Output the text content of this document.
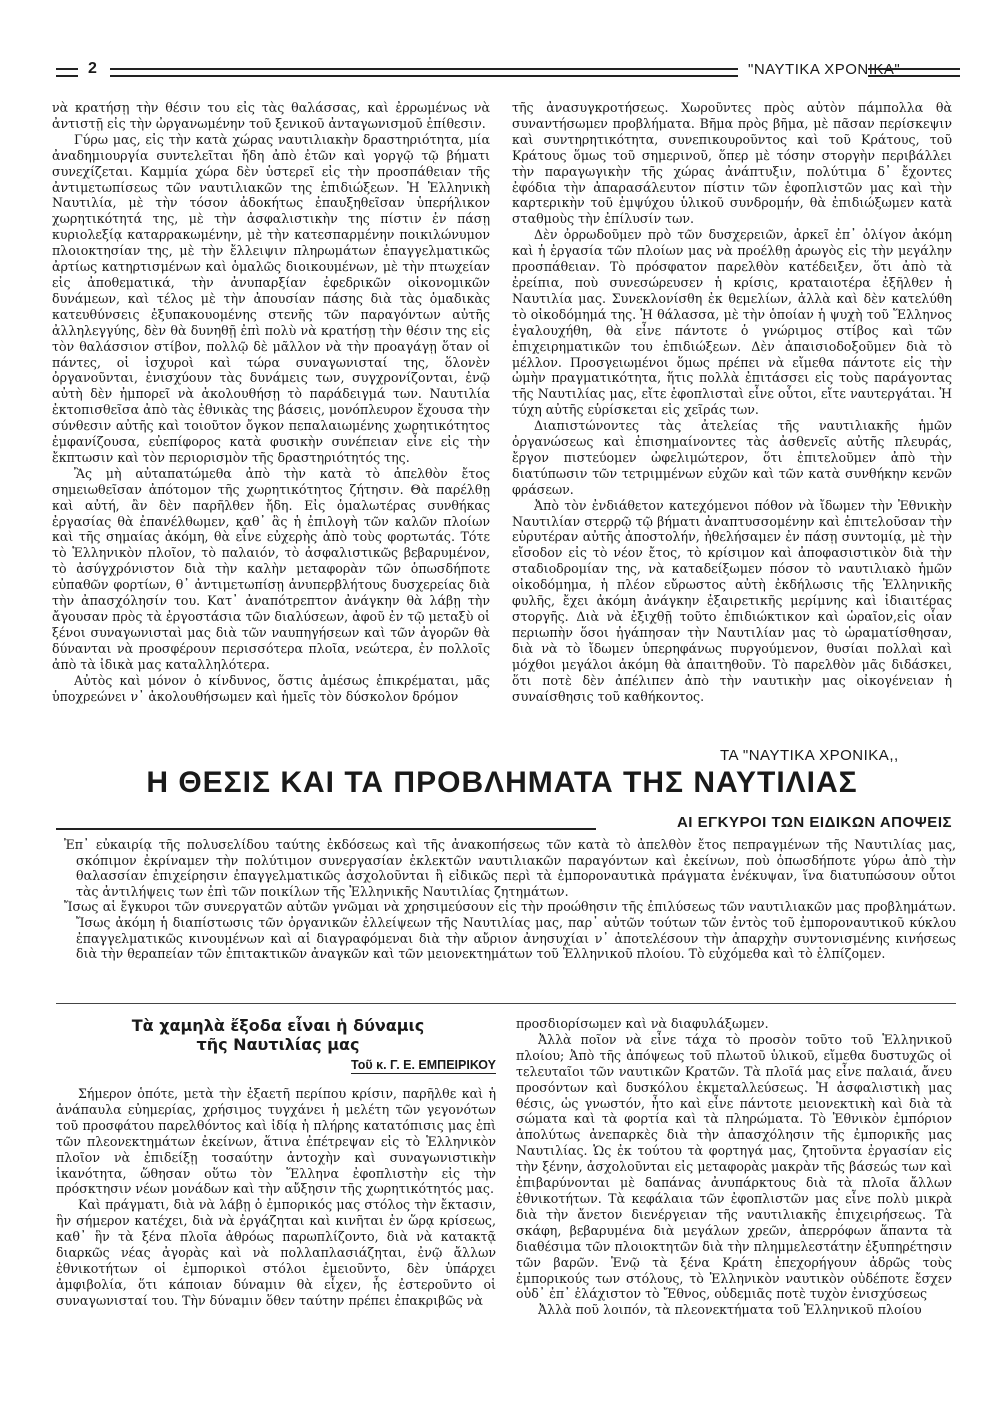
2	"ΝΑΥΤΙΚΑ ΧΡΟΝΙΚΑ"

νὰ κρατήσῃ τὴν θέσιν του εἰς τὰς θαλάσσας, καὶ ἐρρωμένως νὰ ἀντιστῇ εἰς τὴν ὠργανωμένην τοῦ ξενικοῦ ἀνταγωνισμοῦ ἐπίθεσιν.

Γύρω μας, εἰς τὴν κατὰ χώρας ναυτιλιακὴν δραστηριότητα, μία ἀναδημιουργία συντελεῖται ἤδη ἀπὸ ἐτῶν καὶ γοργῷ τῷ βήματι συνεχίζεται. Καμμία χώρα δὲν ὑστερεῖ εἰς τὴν προσπάθειαν τῆς ἀντιμετωπίσεως τῶν ναυτιλιακῶν της ἐπιδιώξεων. Ἡ Ἑλληνικὴ Ναυτιλία, μὲ τὴν τόσον ἀδοκήτως ἐπαυξηθεῖσαν ὑπερήλικον χωρητικότητά της, μὲ τὴν ἀσφαλιστικὴν της πίστιν ἐν πάσῃ κυριολεξίᾳ καταρρακωμένην, μὲ τὴν κατεσπαρμένην ποικιλώνυμον πλοιοκτησίαν της, μὲ τὴν ἔλλειψιν πληρωμάτων ἐπαγγελματικῶς ἀρτίως κατηρτισμένων καὶ ὁμαλῶς διοικουμένων, μὲ τὴν πτωχείαν εἰς ἀποθεματικά, τὴν ἀνυπαρξίαν ἐφεδρικῶν οἰκονομικῶν δυνάμεων, καὶ τέλος μὲ τὴν ἀπουσίαν πάσης διὰ τὰς ὁμαδικὰς κατευθύνσεις ἐξυπακουομένης στενῆς τῶν παραγόντων αὐτῆς ἀλληλεγγύης, δὲν θὰ δυνηθῇ ἐπὶ πολὺ νὰ κρατήσῃ τὴν θέσιν της εἰς τὸν θαλάσσιον στίβον, πολλῷ δὲ μᾶλλον νὰ τὴν προαγάγῃ ὅταν οἱ πάντες, οἱ ἰσχυροὶ καὶ τώρα συναγωνισταί της, ὅλονὲν ὀργανοῦνται, ἐνισχύουν τὰς δυνάμεις των, συγχρονίζονται, ἐνῷ αὐτὴ δὲν ἠμπορεῖ νὰ ἀκολουθήσῃ τὸ παράδειγμά των. Ναυτιλία ἐκτοπισθεῖσα ἀπὸ τὰς ἐθνικὰς της βάσεις, μονόπλευρον ἔχουσα τὴν σύνθεσιν αὐτῆς καὶ τοιοῦτον ὄγκον πεπαλαιωμένης χωρητικότητος ἐμφανίζουσα, εὐεπίφορος κατὰ φυσικὴν συνέπειαν εἶνε εἰς τὴν ἔκπτωσιν καὶ τὸν περιορισμὸν τῆς δραστηριότητός της.

Ἂς μὴ αὐταπατώμεθα ἀπὸ τὴν κατὰ τὸ ἀπελθὸν ἔτος σημειωθεῖσαν ἀπότομον τῆς χωρητικότητος ζήτησιν. Θὰ παρέλθῃ καὶ αὐτή, ἂν δὲν παρῆλθεν ἤδη. Εἰς ὁμαλωτέρας συνθήκας ἐργασίας θὰ ἐπανέλθωμεν, καθ᾽ ἃς ἡ ἐπιλογὴ τῶν καλῶν πλοίων καὶ τῆς σημαίας ἀκόμη, θὰ εἶνε εὐχερὴς ἀπὸ τοὺς φορτωτάς. Τότε τὸ Ἑλληνικὸν πλοῖον, τὸ παλαιόν, τὸ ἀσφαλιστικῶς βεβαρυμένον, τὸ ἀσύγχρόνιστον διὰ τὴν καλὴν μεταφορὰν τῶν ὁπωσδήποτε εὐπαθῶν φορτίων, θ᾽ ἀντιμετωπίσῃ ἀνυπερβλήτους δυσχερείας διὰ τὴν ἀπασχόλησίν του. Κατ᾽ ἀναπότρεπτον ἀνάγκην θὰ λάβῃ τὴν ἄγουσαν πρὸς τὰ ἐργοστάσια τῶν διαλύσεων, ἀφοῦ ἐν τῷ μεταξὺ οἱ ξένοι συναγωνισταὶ μας διὰ τῶν ναυπηγήσεων καὶ τῶν ἀγορῶν θὰ δύνανται νὰ προσφέρουν περισσότερα πλοῖα, νεώτερα, ἐν πολλοῖς ἀπὸ τὰ ἰδικὰ μας καταλληλότερα.

Αὐτὸς καὶ μόνον ὁ κίνδυνος, ὅστις ἀμέσως ἐπικρέμαται, μᾶς ὑποχρεώνει ν᾽ ἀκολουθήσωμεν καὶ ἡμεῖς τὸν δύσκολον δρόμον

τῆς ἀνασυγκροτήσεως. Χωροῦντες πρὸς αὐτὸν πάμπολλα θὰ συναντήσωμεν προβλήματα. Βῆμα πρὸς βῆμα, μὲ πᾶσαν περίσκεψιν καὶ συντηρητικότητα, συνεπικουροῦντος καὶ τοῦ Κράτους, τοῦ Κράτους ὅμως τοῦ σημερινοῦ, ὅπερ μὲ τόσην στοργὴν περιβάλλει τὴν παραγωγικὴν τῆς χώρας ἀνάπτυξιν, πολύτιμα δ᾽ ἔχοντες ἐφόδια τὴν ἀπαρασάλευτον πίστιν τῶν ἐφοπλιστῶν μας καὶ τὴν καρτερικὴν τοῦ ἐμψύχου ὑλικοῦ συνδρομήν, θὰ ἐπιδιώξωμεν κατὰ σταθμοὺς τὴν ἐπίλυσίν των.

Δὲν ὀρρωδοῦμεν πρὸ τῶν δυσχερειῶν, ἀρκεῖ ἐπ᾽ ὀλίγον ἀκόμη καὶ ἡ ἐργασία τῶν πλοίων μας νὰ προέλθῃ ἀρωγὸς εἰς τὴν μεγάλην προσπάθειαν. Τὸ πρόσφατον παρελθὸν κατέδειξεν, ὅτι ἀπὸ τὰ ἐρείπια, ποὺ συνεσώρευσεν ἡ κρίσις, κραταιοτέρα ἐξῆλθεν ἡ Ναυτιλία μας. Συνεκλονίσθη ἐκ θεμελίων, ἀλλὰ καὶ δὲν κατελύθη τὸ οἰκοδόμημά της. Ἡ θάλασσα, μὲ τὴν ὁποίαν ἡ ψυχὴ τοῦ Ἕλληνος ἐγαλουχήθη, θὰ εἶνε πάντοτε ὁ γνώριμος στίβος καὶ τῶν ἐπιχειρηματικῶν του ἐπιδιώξεων. Δὲν ἀπαισιοδοξοῦμεν διὰ τὸ μέλλον. Προσγειωμένοι ὅμως πρέπει νὰ εἴμεθα πάντοτε εἰς τὴν ὠμὴν πραγματικότητα, ἥτις πολλὰ ἐπιτάσσει εἰς τοὺς παράγοντας τῆς Ναυτιλίας μας, εἴτε ἐφοπλισταὶ εἶνε οὗτοι, εἴτε ναυτεργάται. Ἡ τύχη αὐτῆς εὑρίσκεται εἰς χεῖράς των.

Διαπιστώνοντες τὰς ἀτελείας τῆς ναυτιλιακῆς ἡμῶν ὀργανώσεως καὶ ἐπισημαίνοντες τὰς ἀσθενεῖς αὐτῆς πλευράς, ἔργον πιστεύομεν ὠφελιμώτερον, ὅτι ἐπιτελοῦμεν ἀπὸ τὴν διατύπωσιν τῶν τετριμμένων εὐχῶν καὶ τῶν κατὰ συνθήκην κενῶν φράσεων.

Ἀπὸ τὸν ἐνδιάθετον κατεχόμενοι πόθον νὰ ἴδωμεν τὴν Ἐθνικὴν Ναυτιλίαν στερρῷ τῷ βήματι ἀναπτυσσομένην καὶ ἐπιτελοῦσαν τὴν εὐρυτέραν αὐτῆς ἀποστολήν, ἠθελήσαμεν ἐν πάσῃ συντομίᾳ, μὲ τὴν εἴσοδον εἰς τὸ νέον ἔτος, τὸ κρίσιμον καὶ ἀποφασιστικὸν διὰ τὴν σταδιοδρομίαν της, νὰ καταδείξωμεν πόσον τὸ ναυτιλιακὸ ἡμῶν οἰκοδόμημα, ἡ πλέον εὔρωστος αὐτὴ ἐκδήλωσις τῆς Ἑλληνικῆς φυλῆς, ἔχει ἀκόμη ἀνάγκην ἐξαιρετικῆς μερίμνης καὶ ἰδιαιτέρας στοργῆς. Διὰ νὰ ἐξιχθῇ τοῦτο ἐπιδιώκτικον καὶ ὡραῖον,εἰς οἷαν περιωπὴν ὅσοι ἠγάπησαν τὴν Ναυτιλίαν μας τὸ ὡραματίσθησαν, διὰ νὰ τὸ ἴδωμεν ὑπερηφάνως πυργούμενον, θυσίαι πολλαὶ καὶ μόχθοι μεγάλοι ἀκόμη θὰ ἀπαιτηθοῦν. Τὸ παρελθὸν μᾶς διδάσκει, ὅτι ποτὲ δὲν ἀπέλιπεν ἀπὸ τὴν ναυτικὴν μας οἰκογένειαν ἡ συναίσθησις τοῦ καθήκοντος.

ΤΑ "ΝΑΥΤΙΚΑ ΧΡΟΝΙΚΑ,,
Η ΘΕΣΙΣ ΚΑΙ ΤΑ ΠΡΟΒΛΗΜΑΤΑ ΤΗΣ ΝΑΥΤΙΛΙΑΣ
ΑΙ ΕΓΚΥΡΟΙ ΤΩΝ ΕΙΔΙΚΩΝ ΑΠΟΨΕΙΣ

Ἐπ᾽ εὐκαιρίᾳ τῆς πολυσελίδου ταύτης ἐκδόσεως καὶ τῆς ἀνακοπήσεως τῶν κατὰ τὸ ἀπελθὸν ἔτος πεπραγμένων τῆς Ναυτιλίας μας, σκόπιμον ἐκρίναμεν τὴν πολύτιμον συνεργασίαν ἐκλεκτῶν ναυτιλιακῶν παραγόντων καὶ ἐκείνων, ποὺ ὁπωσδήποτε γύρω ἀπὸ τὴν θαλασσίαν ἐπιχείρησιν ἐπαγγελματικῶς ἀσχολοῦνται ἢ εἰδικῶς περὶ τὰ ἐμποροναυτικὰ πράγματα ἐνέκυψαν, ἵνα διατυπώσουν οὗτοι τὰς ἀντιλήψεις των ἐπὶ τῶν ποικίλων τῆς Ἑλληνικῆς Ναυτιλίας ζητημάτων.

Ἴσως αἱ ἔγκυροι τῶν συνεργατῶν αὐτῶν γνῶμαι νὰ χρησιμεύσουν εἰς τὴν προώθησιν τῆς ἐπιλύσεως τῶν ναυτιλιακῶν μας προβλημάτων. Ἴσως ἀκόμη ἡ διαπίστωσις τῶν ὀργανικῶν ἐλλείψεων τῆς Ναυτιλίας μας, παρ᾽ αὐτῶν τούτων τῶν ἐντὸς τοῦ ἐμποροναυτικοῦ κύκλου ἐπαγγελματικῶς κινουμένων καὶ αἱ διαγραφόμεναι διὰ τὴν αὔριον ἀνησυχίαι ν᾽ ἀποτελέσουν τὴν ἀπαρχὴν συντονισμένης κινήσεως διὰ τὴν θεραπείαν τῶν ἐπιτακτικῶν ἀναγκῶν καὶ τῶν μειονεκτημάτων τοῦ Ἑλληνικοῦ πλοίου. Τὸ εὐχόμεθα καὶ τὸ ἐλπίζομεν.

Τὰ χαμηλὰ ἔξοδα εἶναι ἡ δύναμις
τῆς Ναυτιλίας μας
Τοῦ κ. Γ. Ε. ΕΜΠΕΙΡΙΚΟΥ

Σήμερον ὁπότε, μετὰ τὴν ἐξαετῆ περίπου κρίσιν, παρῆλθε καὶ ἡ ἀνάπαυλα εὐημερίας, χρήσιμος τυγχάνει ἡ μελέτη τῶν γεγονότων τοῦ προσφάτου παρελθόντος καὶ ἰδίᾳ ἡ πλήρης κατατόπισις μας ἐπὶ τῶν πλεονεκτημάτων ἐκείνων, ἅτινα ἐπέτρεψαν εἰς τὸ Ἑλληνικὸν πλοῖον νὰ ἐπιδείξῃ τοσαύτην ἀντοχὴν καὶ συναγωνιστικὴν ἱκανότητα, ὥθησαν οὕτω τὸν Ἕλληνα ἐφοπλιστὴν εἰς τὴν πρόσκτησιν νέων μονάδων καὶ τὴν αὔξησιν τῆς χωρητικότητός μας.

Καὶ πράγματι, διὰ νὰ λάβῃ ὁ ἐμπορικός μας στόλος τὴν ἔκτασιν, ἣν σήμερον κατέχει, διὰ νὰ ἐργάζηται καὶ κινῆται ἐν ὥρᾳ κρίσεως, καθ᾽ ἣν τὰ ξένα πλοῖα ἀθρόως παρωπλίζοντο, διὰ νὰ κατακτᾷ διαρκῶς νέας ἀγορὰς καὶ νὰ πολλαπλασιάζηται, ἐνῷ ἄλλων ἐθνικοτήτων οἱ ἐμπορικοὶ στόλοι ἐμειοῦντο, δὲν ὑπάρχει ἀμφιβολία, ὅτι κάποιαν δύναμιν θὰ εἶχεν, ἧς ἐστεροῦντο οἱ συναγωνισταί του. Τὴν δύναμιν ὅθεν ταύτην πρέπει ἐπακριβῶς νὰ

προσδιορίσωμεν καὶ νὰ διαφυλάξωμεν.

Ἀλλὰ ποῖον νὰ εἶνε τάχα τὸ προσὸν τοῦτο τοῦ Ἑλληνικοῦ πλοίου; Ἀπὸ τῆς ἀπόψεως τοῦ πλωτοῦ ὑλικοῦ, εἴμεθα δυστυχῶς οἱ τελευταῖοι τῶν ναυτικῶν Κρατῶν. Τὰ πλοῖά μας εἶνε παλαιά, ἄνευ προσόντων καὶ δυσκόλου ἐκμεταλλεύσεως. Ἡ ἀσφαλιστικὴ μας θέσις, ὡς γνωστόν, ἦτο καὶ εἶνε πάντοτε μειονεκτικὴ καὶ διὰ τὰ σώματα καὶ τὰ φορτία καὶ τὰ πληρώματα. Τὸ Ἐθνικὸν ἐμπόριον ἀπολύτως ἀνεπαρκὲς διὰ τὴν ἀπασχόλησιν τῆς ἐμπορικῆς μας Ναυτιλίας. Ὡς ἐκ τούτου τὰ φορτηγά μας, ζητοῦντα ἐργασίαν εἰς τὴν ξένην, ἀσχολοῦνται εἰς μεταφορὰς μακρὰν τῆς βάσεώς των καὶ ἐπιβαρύνονται μὲ δαπάνας ἀνυπάρκτους διὰ τὰ πλοῖα ἄλλων ἐθνικοτήτων. Τὰ κεφάλαια τῶν ἐφοπλιστῶν μας εἶνε πολὺ μικρὰ διὰ τὴν ἄνετον διενέργειαν τῆς ναυτιλιακῆς ἐπιχειρήσεως. Τὰ σκάφη, βεβαρυμένα διὰ μεγάλων χρεῶν, ἀπερρόφων ἅπαντα τὰ διαθέσιμα τῶν πλοιοκτητῶν διὰ τὴν πλημμελεστάτην ἐξυπηρέτησιν τῶν βαρῶν. Ἐνῷ τὰ ξένα Κράτη ἐπεχορήγουν ἀδρῶς τοὺς ἐμπορικούς των στόλους, τὸ Ἑλληνικὸν ναυτικὸν οὐδέποτε ἔσχεν οὐδ᾽ ἐπ᾽ ἐλάχιστον τὸ Ἔθνος, οὐδεμιᾶς ποτὲ τυχὸν ἐνισχύσεως

Ἀλλὰ ποῦ λοιπόν, τὰ πλεονεκτήματα τοῦ Ἑλληνικοῦ πλοίου
